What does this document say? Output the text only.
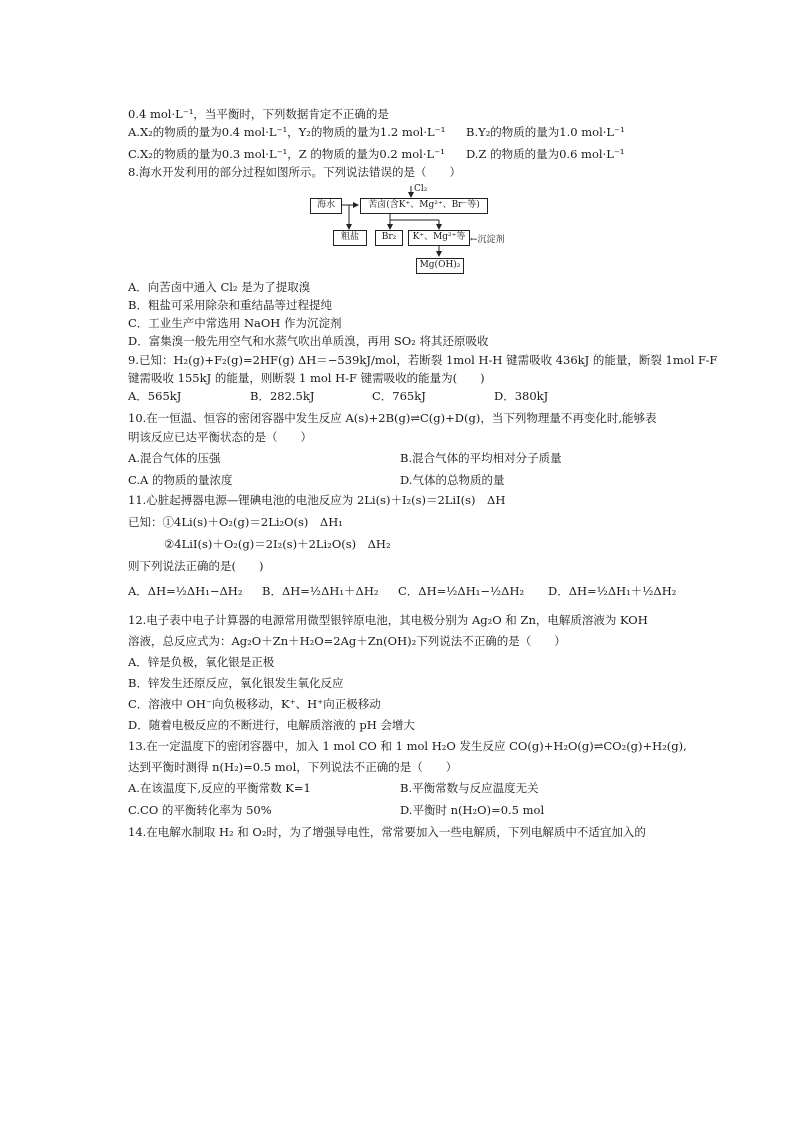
0.4 mol·L⁻¹，当平衡时，下列数据肯定不正确的是
A.X₂的物质的量为0.4 mol·L⁻¹，Y₂的物质的量为1.2 mol·L⁻¹ B.Y₂的物质的量为1.0 mol·L⁻¹
C.X₂的物质的量为0.3 mol·L⁻¹，Z 的物质的量为0.2 mol·L⁻¹ D.Z 的物质的量为0.6 mol·L⁻¹
8.海水开发利用的部分过程如图所示。下列说法错误的是（　　）
Cl₂
海水	苦卤(含K⁺、Mg²⁺、Br⁻等)
粗盐	Br₂	K⁺、Mg²⁺等 ←沉淀剂
Mg(OH)₂
A．向苦卤中通入 Cl₂ 是为了提取溴
B．粗盐可采用除杂和重结晶等过程提纯
C．工业生产中常选用 NaOH 作为沉淀剂
D．富集溴一般先用空气和水蒸气吹出单质溴，再用 SO₂ 将其还原吸收
9.已知：H₂(g)+F₂(g)=2HF(g) ΔH＝−539kJ/mol，若断裂 1mol H-H 键需吸收 436kJ 的能量，断裂 1mol F-F
键需吸收 155kJ 的能量，则断裂 1 mol H-F 键需吸收的能量为(　　)
A．565kJ	B．282.5kJ	C．765kJ	D．380kJ
10.在一恒温、恒容的密闭容器中发生反应 A(s)+2B(g)⇌C(g)+D(g)，当下列物理量不再变化时,能够表
明该反应已达平衡状态的是（　　）
A.混合气体的压强	B.混合气体的平均相对分子质量
C.A 的物质的量浓度	D.气体的总物质的量
11.心脏起搏器电源—锂碘电池的电池反应为 2Li(s)＋I₂(s)＝2LiI(s)　ΔH
已知：①4Li(s)＋O₂(g)＝2Li₂O(s)　ΔH₁
②4LiI(s)＋O₂(g)＝2I₂(s)＋2Li₂O(s)　ΔH₂
则下列说法正确的是(　　)
A．ΔH=½ΔH₁−ΔH₂ B．ΔH=½ΔH₁＋ΔH₂ C．ΔH=½ΔH₁−½ΔH₂ D．ΔH=½ΔH₁＋½ΔH₂
12.电子表中电子计算器的电源常用微型银锌原电池，其电极分别为 Ag₂O 和 Zn，电解质溶液为 KOH
溶液，总反应式为：Ag₂O＋Zn＋H₂O=2Ag＋Zn(OH)₂下列说法不正确的是（　　）
A．锌是负极，氧化银是正极
B．锌发生还原反应，氧化银发生氧化反应
C．溶液中 OH⁻向负极移动，K⁺、H⁺向正极移动
D．随着电极反应的不断进行，电解质溶液的 pH 会增大
13.在一定温度下的密闭容器中，加入 1 mol CO 和 1 mol H₂O 发生反应 CO(g)+H₂O(g)⇌CO₂(g)+H₂(g),
达到平衡时测得 n(H₂)=0.5 mol，下列说法不正确的是（　　）
A.在该温度下,反应的平衡常数 K=1	B.平衡常数与反应温度无关
C.CO 的平衡转化率为 50%	D.平衡时 n(H₂O)=0.5 mol
14.在电解水制取 H₂ 和 O₂时，为了增强导电性，常常要加入一些电解质，下列电解质中不适宜加入的
